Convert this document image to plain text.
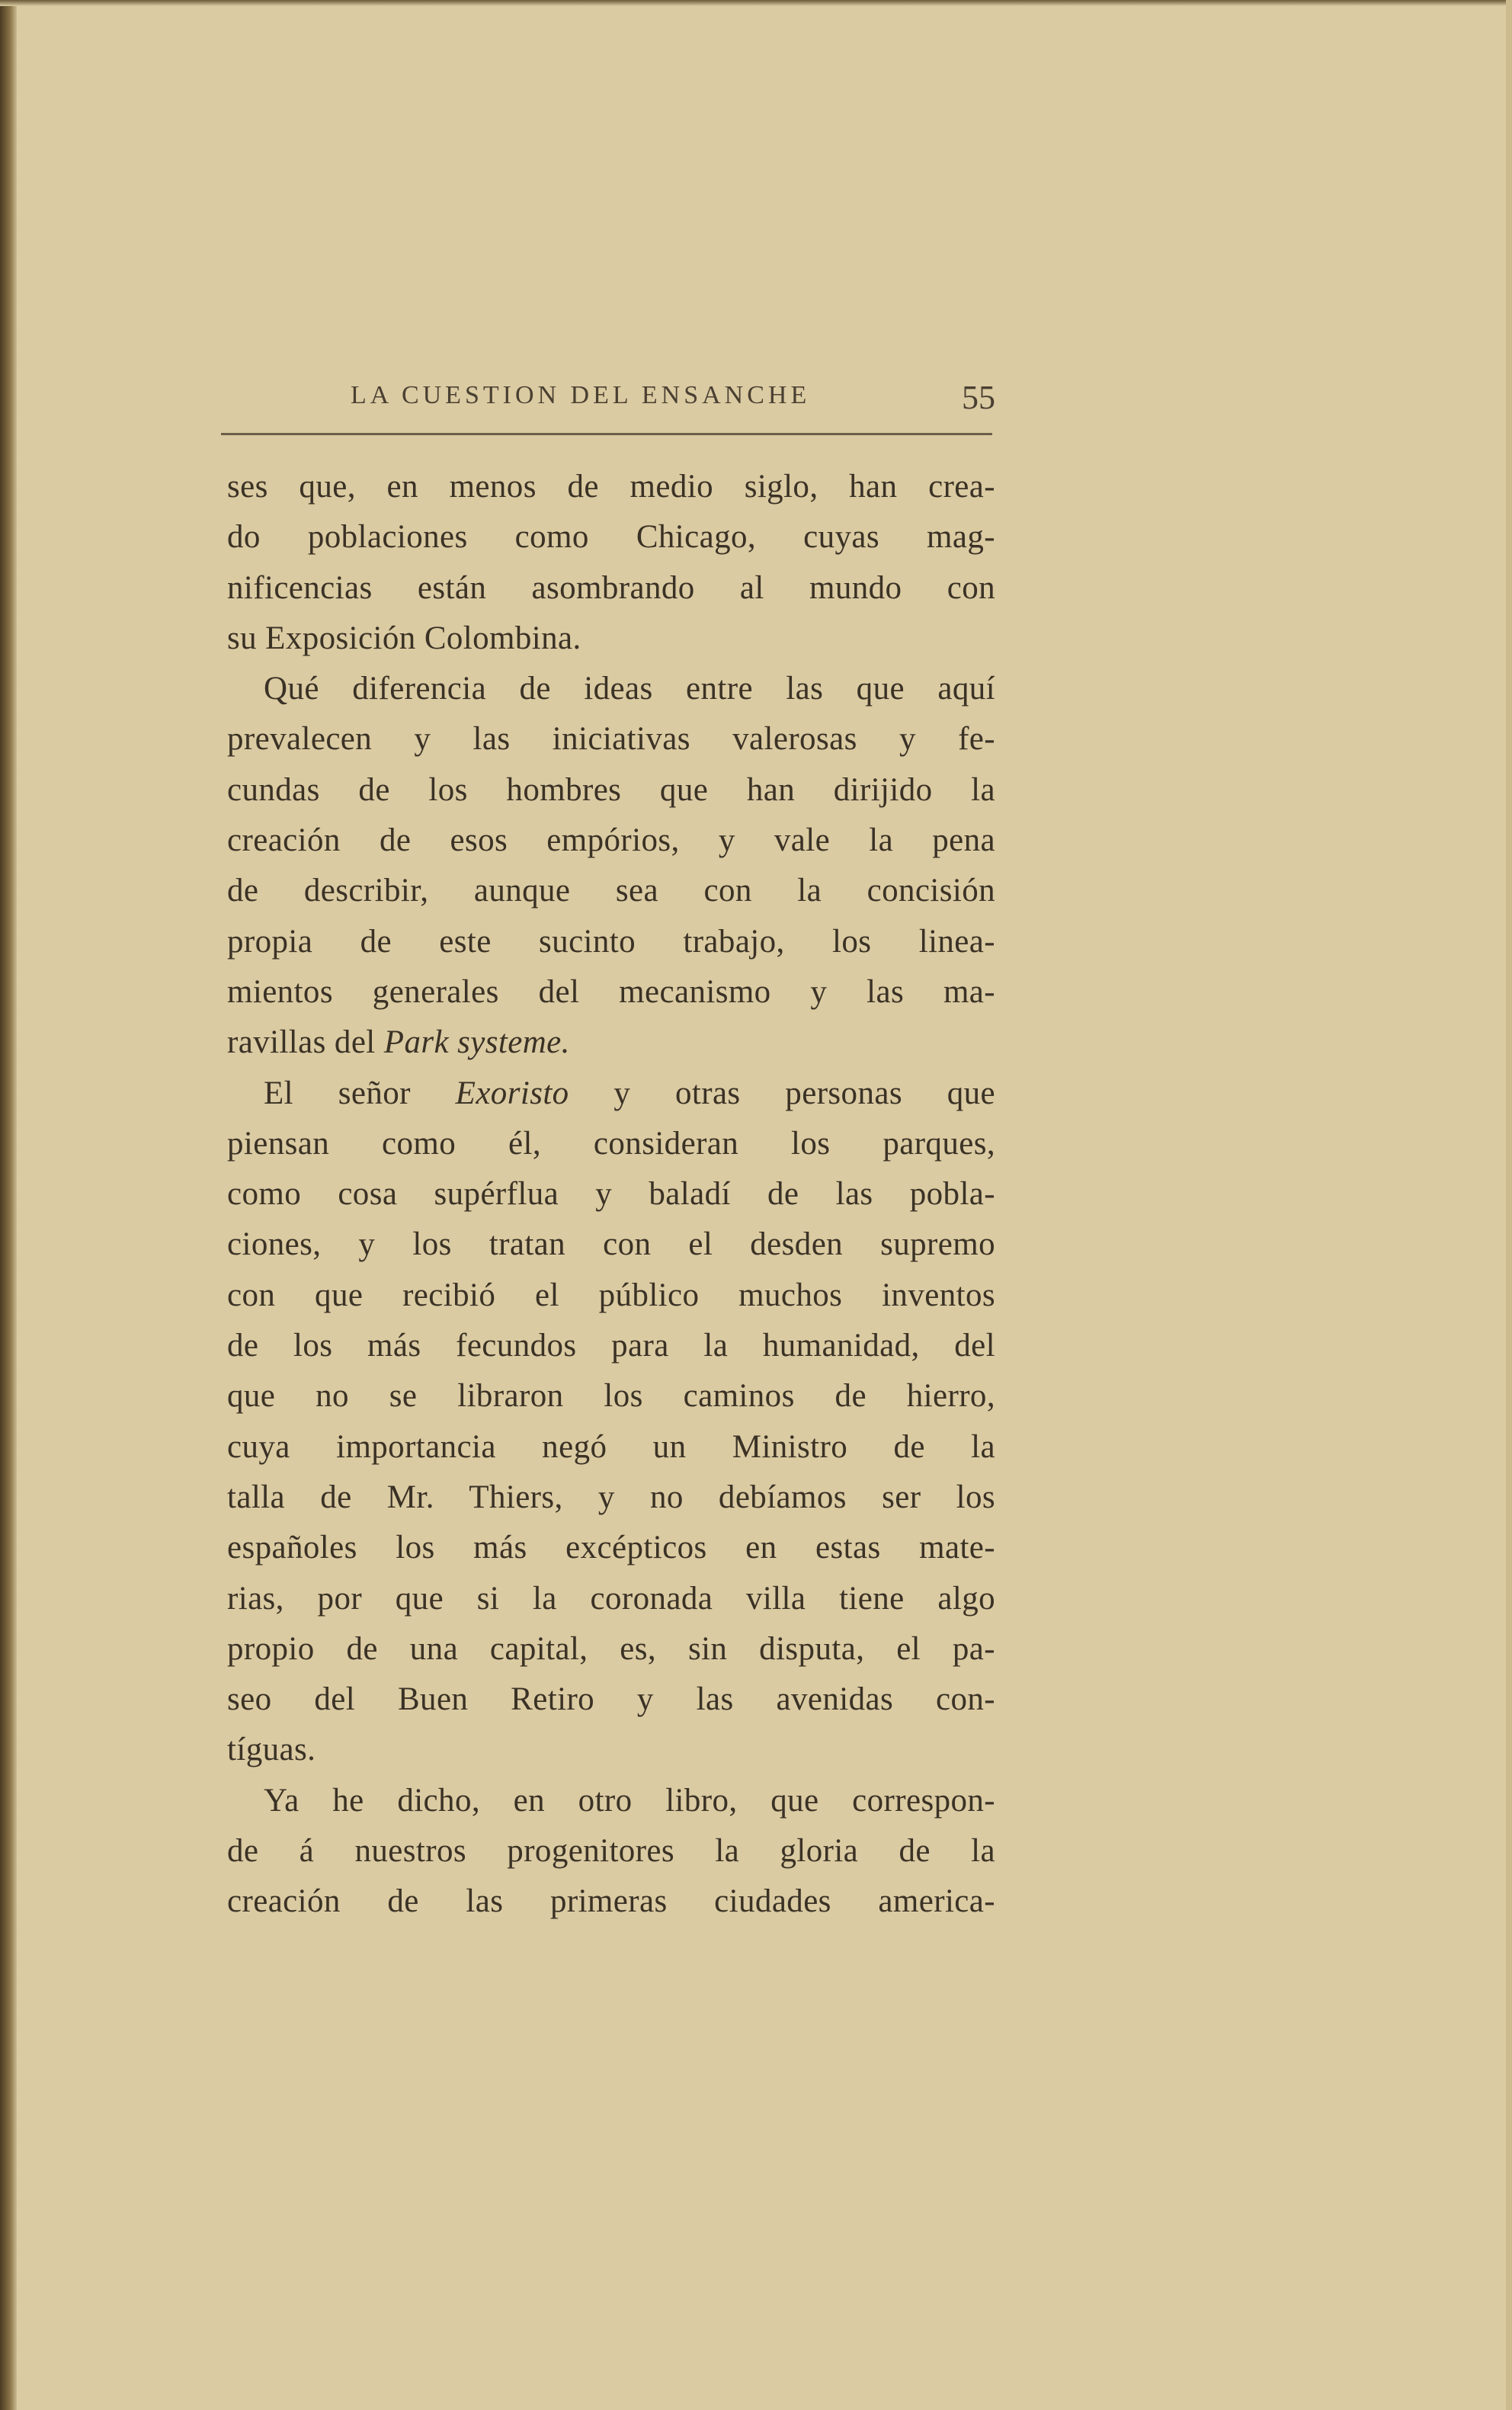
LA CUESTION DEL ENSANCHE	55
ses que, en menos de medio siglo, han crea-
do poblaciones como Chicago, cuyas mag-
nificencias están asombrando al mundo con
su Exposición Colombina.
Qué diferencia de ideas entre las que aquí
prevalecen y las iniciativas valerosas y fe-
cundas de los hombres que han dirijido la
creación de esos empórios, y vale la pena
de describir, aunque sea con la concisión
propia de este sucinto trabajo, los linea-
mientos generales del mecanismo y las ma-
ravillas del Park systeme.
El señor Exoristo y otras personas que
piensan como él, consideran los parques,
como cosa supérflua y baladí de las pobla-
ciones, y los tratan con el desden supremo
con que recibió el público muchos inventos
de los más fecundos para la humanidad, del
que no se libraron los caminos de hierro,
cuya importancia negó un Ministro de la
talla de Mr. Thiers, y no debíamos ser los
españoles los más excépticos en estas mate-
rias, por que si la coronada villa tiene algo
propio de una capital, es, sin disputa, el pa-
seo del Buen Retiro y las avenidas con-
tíguas.
Ya he dicho, en otro libro, que correspon-
de á nuestros progenitores la gloria de la
creación de las primeras ciudades america-
